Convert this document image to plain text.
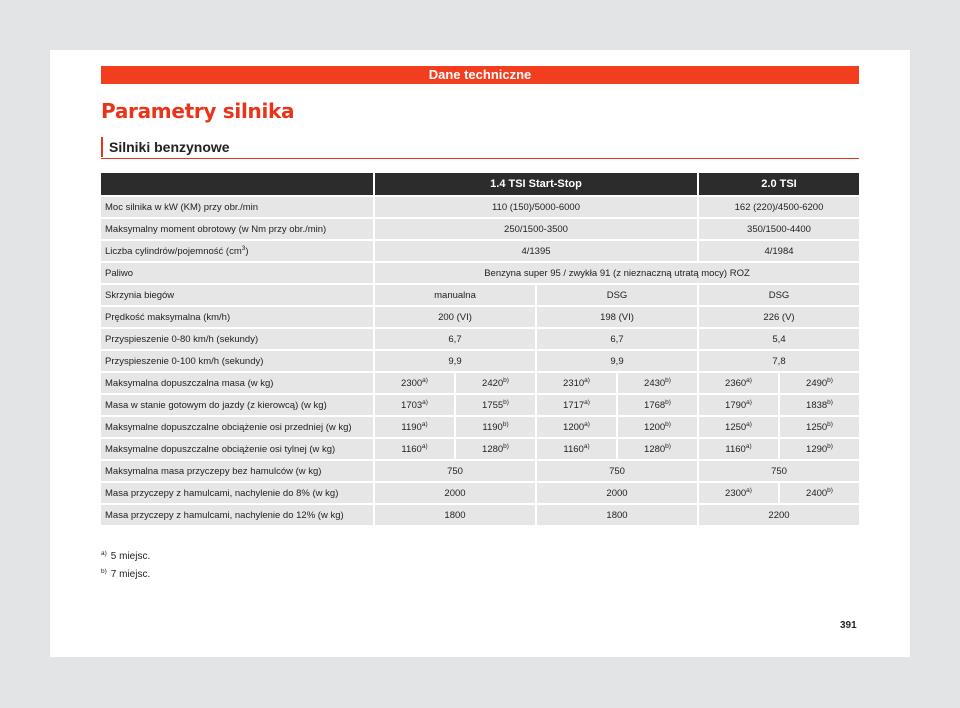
Dane techniczne
Parametry silnika
Silniki benzynowe
	1.4 TSI Start-Stop				2.0 TSI	
Moc silnika w kW (KM) przy obr./min	110 (150)/5000-6000				162 (220)/4500-6200	
Maksymalny moment obrotowy (w Nm przy obr./min)	250/1500-3500				350/1500-4400	
Liczba cylindrów/pojemność $(cm^3)$	4/1395				4/1984	
Paliwo	Benzyna super 95 / zwykła 91 (z nieznaczną utratą mocy) ROZ					
Skrzynia biegów	manualna		DSG		DSG	
Prędkość maksymalna (km/h)	200 (VI)		198 (VI)		226 (V)	
Przyspieszenie 0-80 km/h (sekundy)	6,7		6,7		5,4	
Przyspieszenie 0-100 km/h (sekundy)	9,9		9,9		7,8	
Maksymalna dopuszczalna masa (w kg)	2300$^{a)}$	2420$^{b)}$	2310$^{a)}$	2430$^{b)}$	2360$^{a)}$	2490$^{b)}$
Masa w stanie gotowym do jazdy (z kierowcą) (w kg)	1703$^{a)}$	1755$^{b)}$	1717$^{a)}$	1768$^{b)}$	1790$^{a)}$	1838$^{b)}$
Maksymalne dopuszczalne obciążenie osi przedniej (w kg)	1190$^{a)}$	1190$^{b)}$	1200$^{a)}$	1200$^{b)}$	1250$^{a)}$	1250$^{b)}$
Maksymalne dopuszczalne obciążenie osi tylnej (w kg)	1160$^{a)}$	1280$^{b)}$	1160$^{a)}$	1280$^{b)}$	1160$^{a)}$	1290$^{b)}$
Maksymalna masa przyczepy bez hamulców (w kg)	750		750		750	
Masa przyczepy z hamulcami, nachylenie do 8% (w kg)	2000		2000		2300$^{a)}$	2400$^{b)}$
Masa przyczepy z hamulcami, nachylenie do 12% (w kg)	1800		1800		2200	
$^{a)}$ 5 miejsc.
$^{b)}$ 7 miejsc.
391
